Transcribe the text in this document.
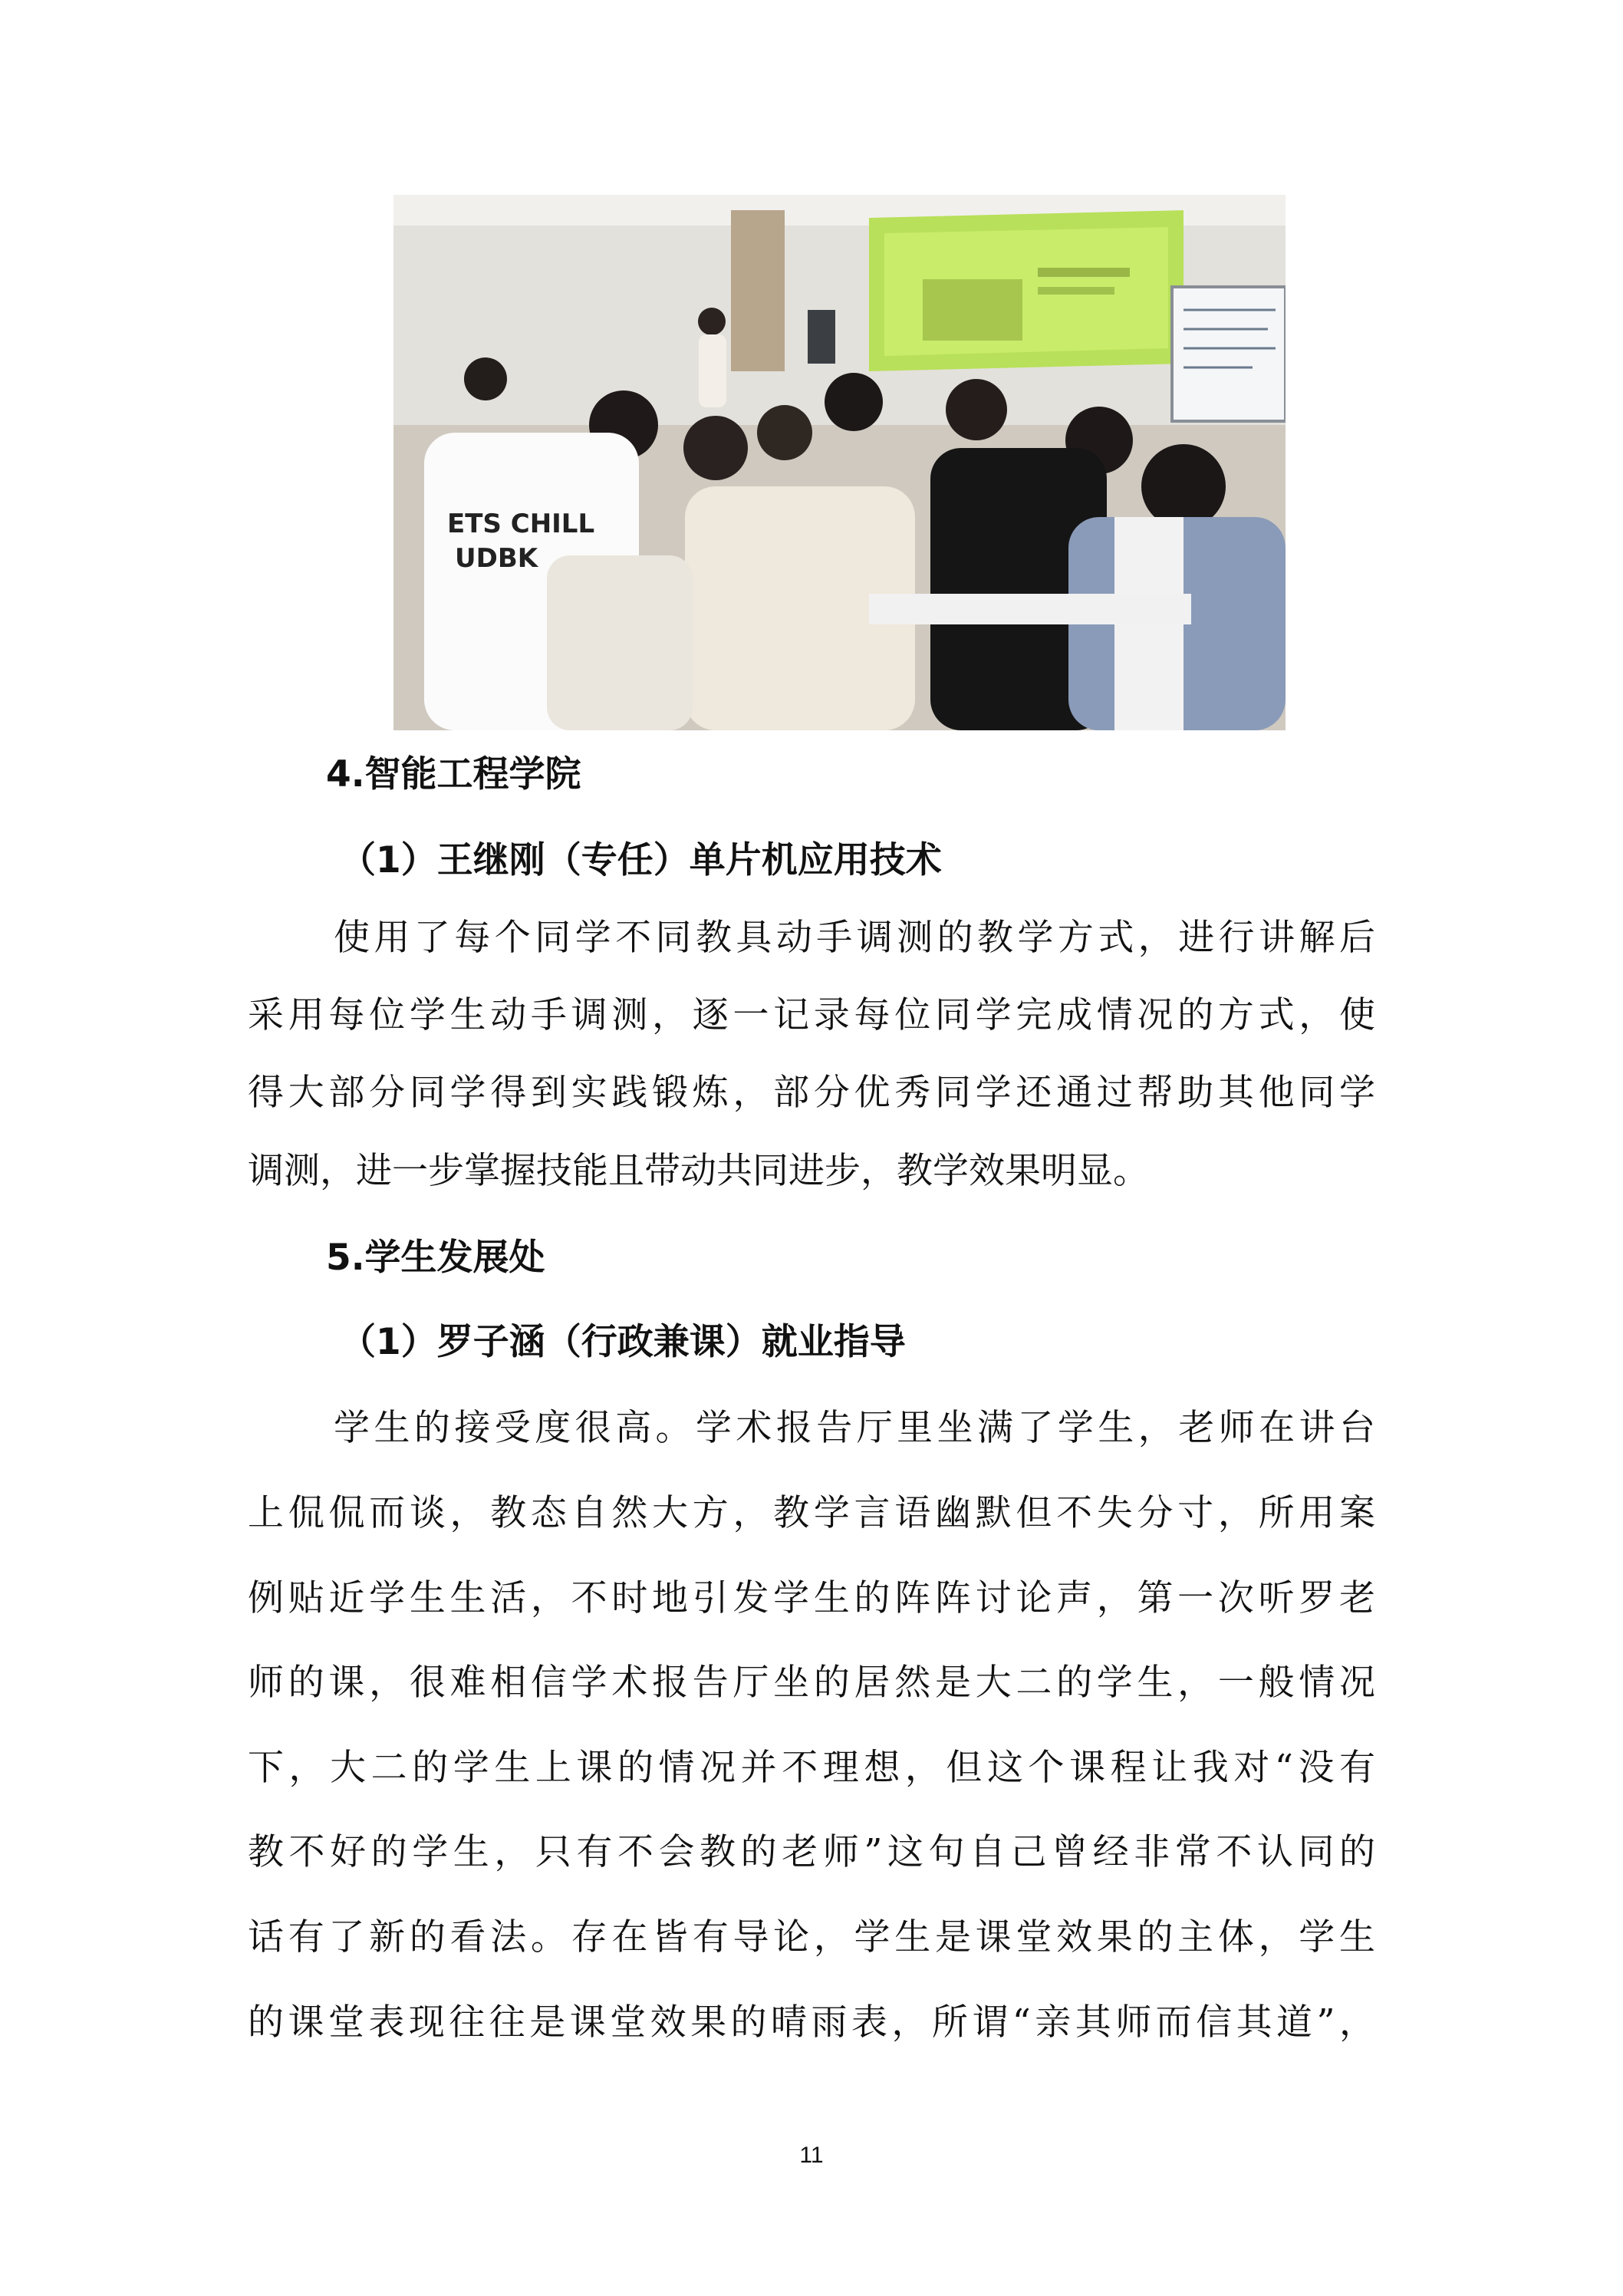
ETS CHILL
UDBK
4.智能工程学院
（1）王继刚（专任）单片机应用技术
使用了每个同学不同教具动手调测的教学方式，进行讲解后
采用每位学生动手调测，逐一记录每位同学完成情况的方式，使
得大部分同学得到实践锻炼，部分优秀同学还通过帮助其他同学
调测，进一步掌握技能且带动共同进步，教学效果明显。
5.学生发展处
（1）罗子涵（行政兼课）就业指导
学生的接受度很高。学术报告厅里坐满了学生，老师在讲台
上侃侃而谈，教态自然大方，教学言语幽默但不失分寸，所用案
例贴近学生生活，不时地引发学生的阵阵讨论声，第一次听罗老
师的课，很难相信学术报告厅坐的居然是大二的学生，一般情况
下，大二的学生上课的情况并不理想，但这个课程让我对“没有
教不好的学生，只有不会教的老师”这句自己曾经非常不认同的
话有了新的看法。存在皆有导论，学生是课堂效果的主体，学生
的课堂表现往往是课堂效果的晴雨表，所谓“亲其师而信其道”，
11
